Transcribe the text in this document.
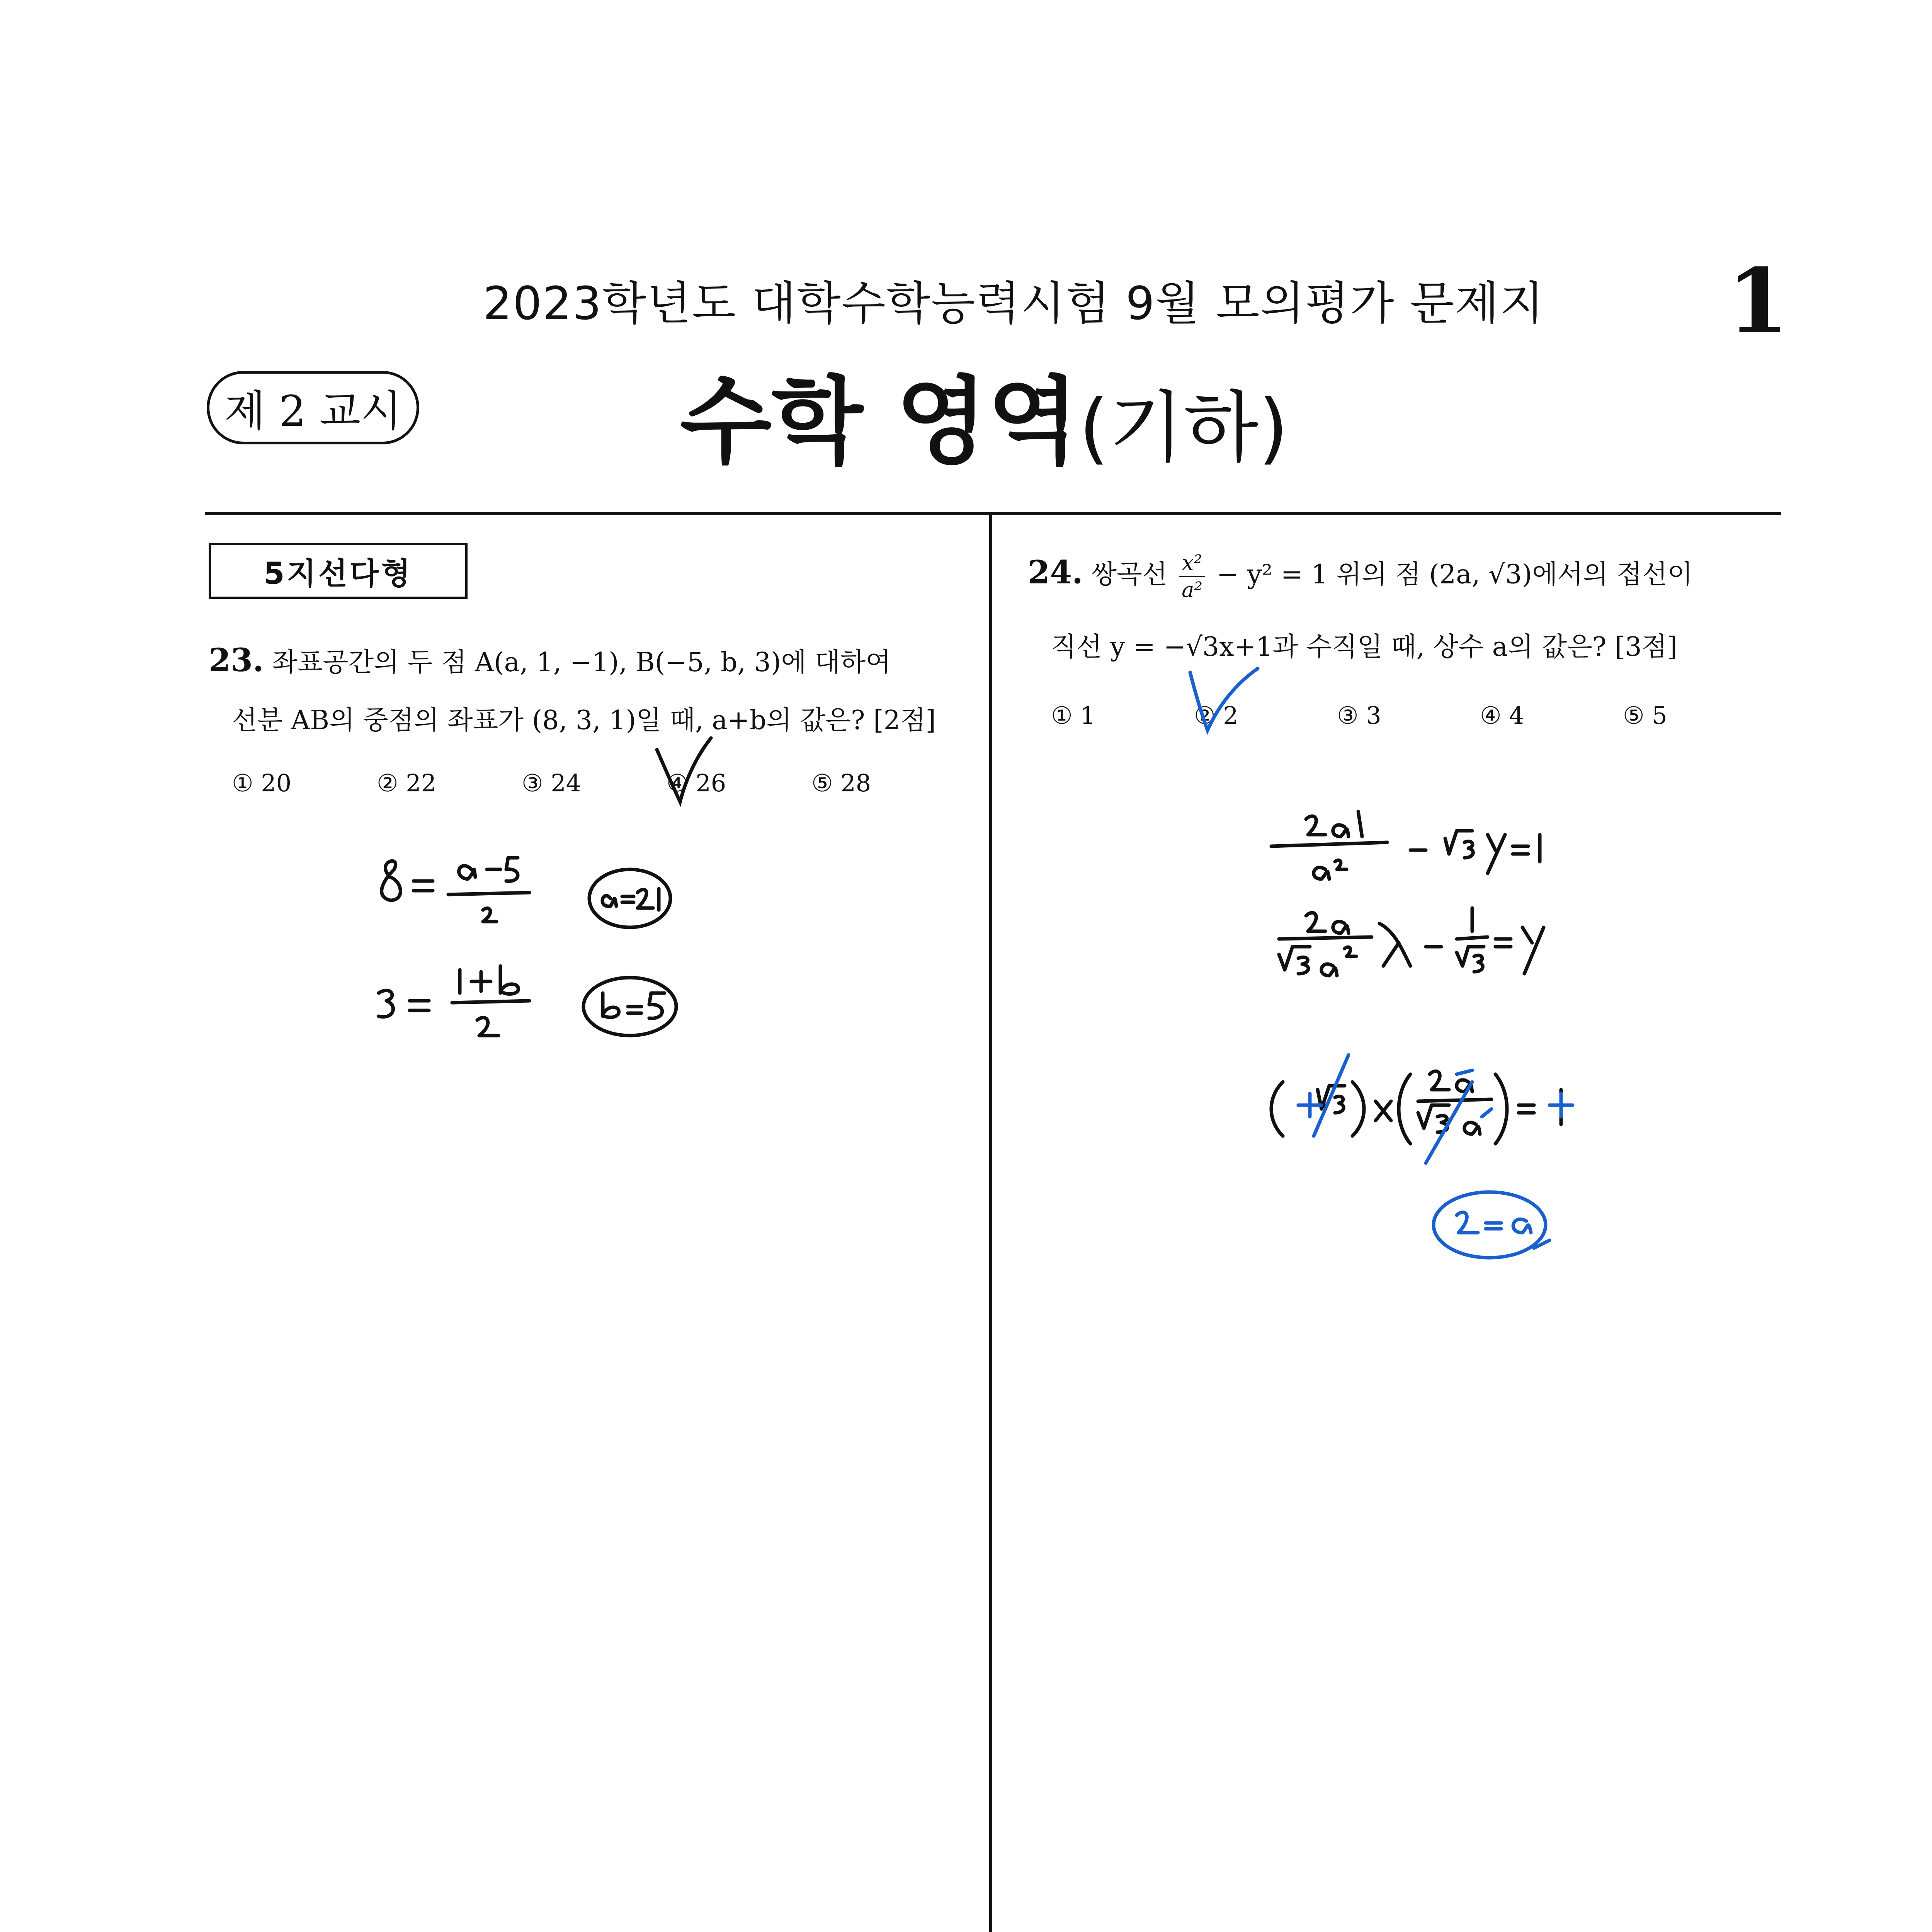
2023학년도 대학수학능력시험 9월 모의평가 문제지 1
제 2 교시	수학 영역(기하)
5지선다형
23. 좌표공간의 두 점 A(a, 1, −1), B(−5, b, 3)에 대하여
선분 AB의 중점의 좌표가 (8, 3, 1)일 때, a+b의 값은? [2점]
① 20	② 22	③ 24	④ 26	⑤ 28
24. 쌍곡선 $\frac{\text{x²}}{\text{a²}} - y^2 = 1$ 위의 점 (2a, √3)에서의 접선이
직선 y = −√3x+1과 수직일 때, 상수 a의 값은? [3점]
① 1	② 2	③ 3	④ 4	⑤ 5
